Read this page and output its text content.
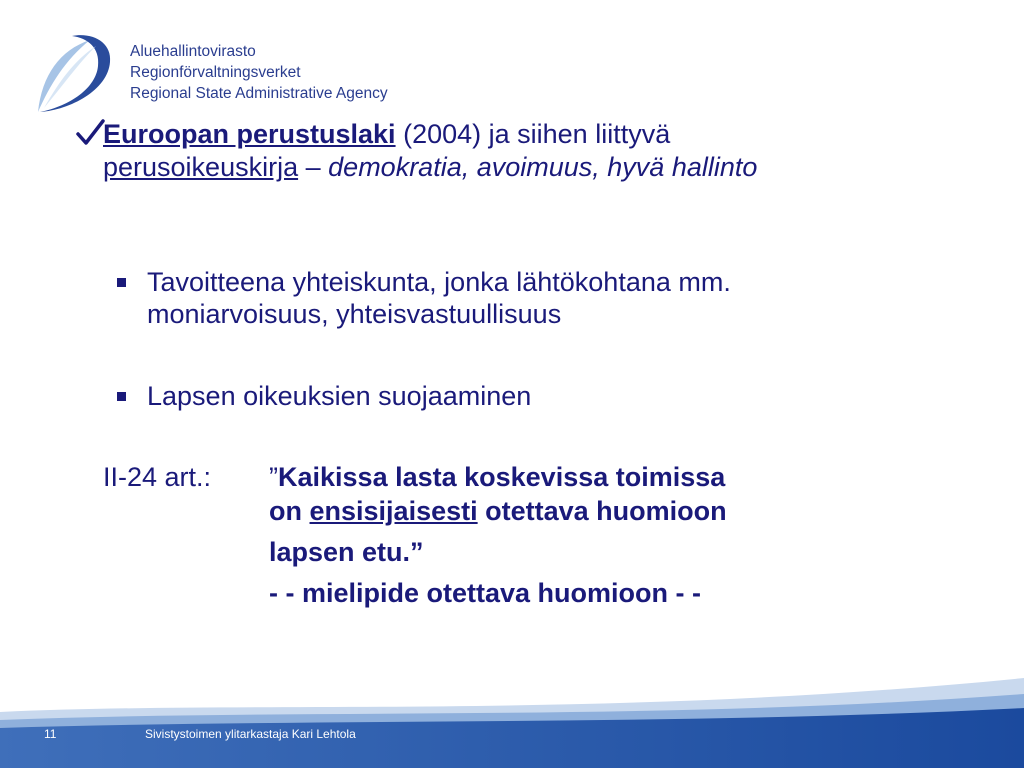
Aluehallintovirasto
Regionförvaltningsverket
Regional State Administrative Agency
Euroopan perustuslaki (2004) ja siihen liittyvä
perusoikeuskirja – demokratia, avoimuus, hyvä hallinto
Tavoitteena yhteiskunta, jonka lähtökohtana mm.
moniarvoisuus, yhteisvastuullisuus
Lapsen oikeuksien suojaaminen
II-24 art.: ”Kaikissa lasta koskevissa toimissa
on ensisijaisesti otettava huomioon
lapsen etu.”
- - mielipide otettava huomioon - -
11	Sivistystoimen ylitarkastaja Kari Lehtola
